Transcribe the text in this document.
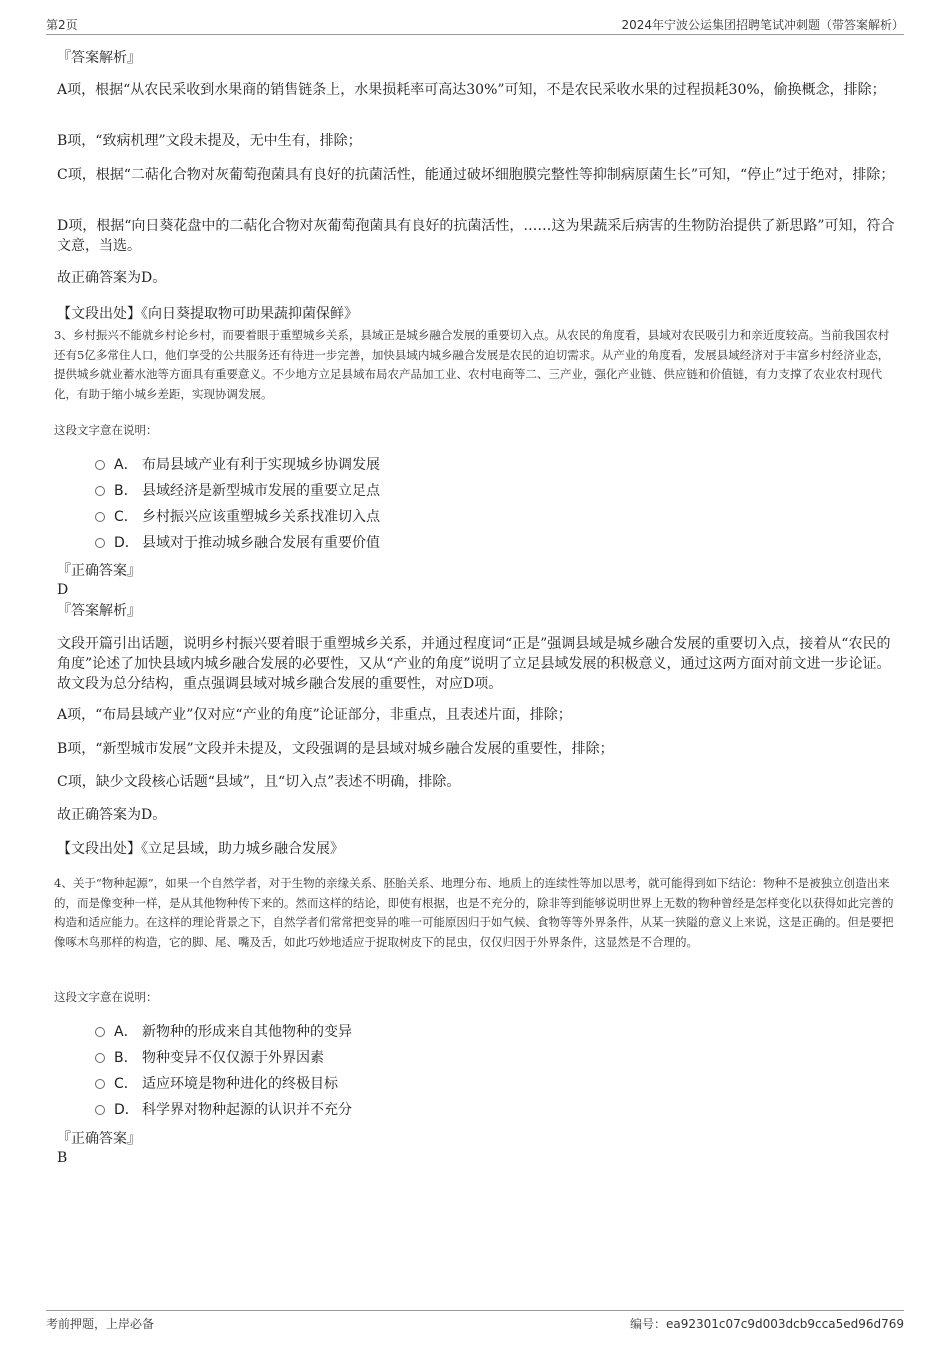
第2页	2024年宁波公运集团招聘笔试冲刺题（带答案解析）
『答案解析』
A项，根据“从农民采收到水果商的销售链条上，水果损耗率可高达30%”可知，不是农民采收水果的过程损耗30%，偷换概念，排除；
B项，“致病机理”文段未提及，无中生有，排除；
C项，根据“二萜化合物对灰葡萄孢菌具有良好的抗菌活性，能通过破坏细胞膜完整性等抑制病原菌生长”可知，“停止”过于绝对，排除；
D项，根据“向日葵花盘中的二萜化合物对灰葡萄孢菌具有良好的抗菌活性，……这为果蔬采后病害的生物防治提供了新思路”可知，符合文意，当选。
故正确答案为D。
【文段出处】《向日葵提取物可助果蔬抑菌保鲜》
3、乡村振兴不能就乡村论乡村，而要着眼于重塑城乡关系，县域正是城乡融合发展的重要切入点。从农民的角度看，县域对农民吸引力和亲近度较高。当前我国农村还有5亿多常住人口，他们享受的公共服务还有待进一步完善，加快县域内城乡融合发展是农民的迫切需求。从产业的角度看，发展县域经济对于丰富乡村经济业态，提供城乡就业蓄水池等方面具有重要意义。不少地方立足县域布局农产品加工业、农村电商等二、三产业，强化产业链、供应链和价值链，有力支撑了农业农村现代化，有助于缩小城乡差距，实现协调发展。
这段文字意在说明：
A． 布局县域产业有利于实现城乡协调发展
B． 县域经济是新型城市发展的重要立足点
C． 乡村振兴应该重塑城乡关系找准切入点
D． 县域对于推动城乡融合发展有重要价值
『正确答案』
D
『答案解析』
文段开篇引出话题，说明乡村振兴要着眼于重塑城乡关系，并通过程度词“正是”强调县域是城乡融合发展的重要切入点，接着从“农民的角度”论述了加快县域内城乡融合发展的必要性，又从“产业的角度”说明了立足县域发展的积极意义，通过这两方面对前文进一步论证。故文段为总分结构，重点强调县域对城乡融合发展的重要性，对应D项。
A项，“布局县域产业”仅对应“产业的角度”论证部分，非重点，且表述片面，排除；
B项，“新型城市发展”文段并未提及，文段强调的是县域对城乡融合发展的重要性，排除；
C项，缺少文段核心话题“县域”，且“切入点”表述不明确，排除。
故正确答案为D。
【文段出处】《立足县域，助力城乡融合发展》
4、关于“物种起源”，如果一个自然学者，对于生物的亲缘关系、胚胎关系、地理分布、地质上的连续性等加以思考，就可能得到如下结论：物种不是被独立创造出来的，而是像变种一样，是从其他物种传下来的。然而这样的结论，即使有根据，也是不充分的，除非等到能够说明世界上无数的物种曾经是怎样变化以获得如此完善的构造和适应能力。在这样的理论背景之下，自然学者们常常把变异的唯一可能原因归于如气候、食物等等外界条件，从某一狭隘的意义上来说，这是正确的。但是要把像啄木鸟那样的构造，它的脚、尾、嘴及舌，如此巧妙地适应于捉取树皮下的昆虫，仅仅归因于外界条件，这显然是不合理的。
这段文字意在说明：
A． 新物种的形成来自其他物种的变异
B． 物种变异不仅仅源于外界因素
C． 适应环境是物种进化的终极目标
D． 科学界对物种起源的认识并不充分
『正确答案』
B
考前押题，上岸必备	编号：ea92301c07c9d003dcb9cca5ed96d769
